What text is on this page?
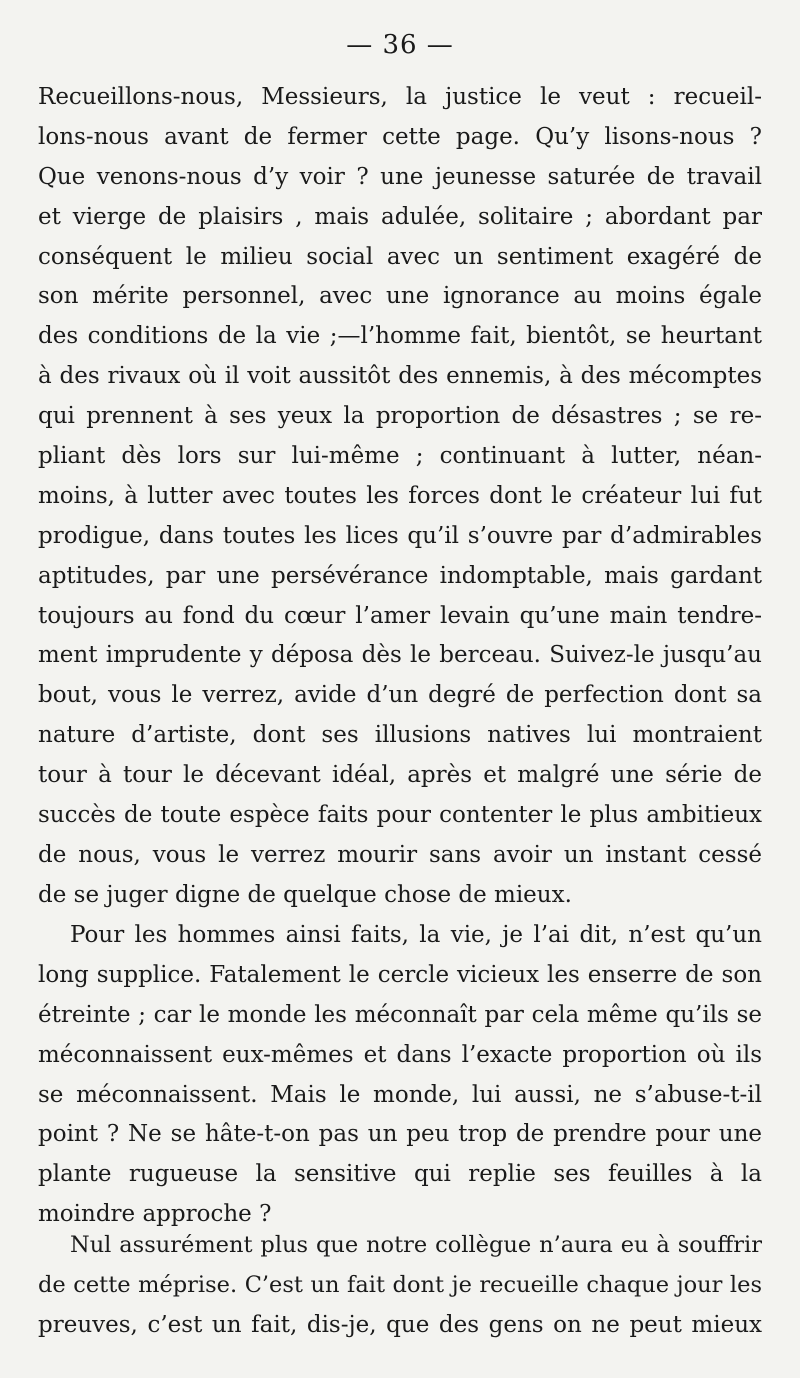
— 36 —
Recueillons-nous, Messieurs, la justice le veut : recueil-
lons-nous avant de fermer cette page. Qu’y lisons-nous ?
Que venons-nous d’y voir ? une jeunesse saturée de travail
et vierge de plaisirs , mais adulée, solitaire ; abordant par
conséquent le milieu social avec un sentiment exagéré de
son mérite personnel, avec une ignorance au moins égale
des conditions de la vie ;—l’homme fait, bientôt, se heurtant
à des rivaux où il voit aussitôt des ennemis, à des mécomptes
qui prennent à ses yeux la proportion de désastres ; se re-
pliant dès lors sur lui-même ; continuant à lutter, néan-
moins, à lutter avec toutes les forces dont le créateur lui fut
prodigue, dans toutes les lices qu’il s’ouvre par d’admirables
aptitudes, par une persévérance indomptable, mais gardant
toujours au fond du cœur l’amer levain qu’une main tendre-
ment imprudente y déposa dès le berceau. Suivez-le jusqu’au
bout, vous le verrez, avide d’un degré de perfection dont sa
nature d’artiste, dont ses illusions natives lui montraient
tour à tour le décevant idéal, après et malgré une série de
succès de toute espèce faits pour contenter le plus ambitieux
de nous, vous le verrez mourir sans avoir un instant cessé
de se juger digne de quelque chose de mieux.
Pour les hommes ainsi faits, la vie, je l’ai dit, n’est qu’un
long supplice. Fatalement le cercle vicieux les enserre de son
étreinte ; car le monde les méconnaît par cela même qu’ils se
méconnaissent eux-mêmes et dans l’exacte proportion où ils
se méconnaissent. Mais le monde, lui aussi, ne s’abuse-t-il
point ? Ne se hâte-t-on pas un peu trop de prendre pour une
plante rugueuse la sensitive qui replie ses feuilles à la
moindre approche ?
Nul assurément plus que notre collègue n’aura eu à souffrir
de cette méprise. C’est un fait dont je recueille chaque jour les
preuves, c’est un fait, dis-je, que des gens on ne peut mieux
